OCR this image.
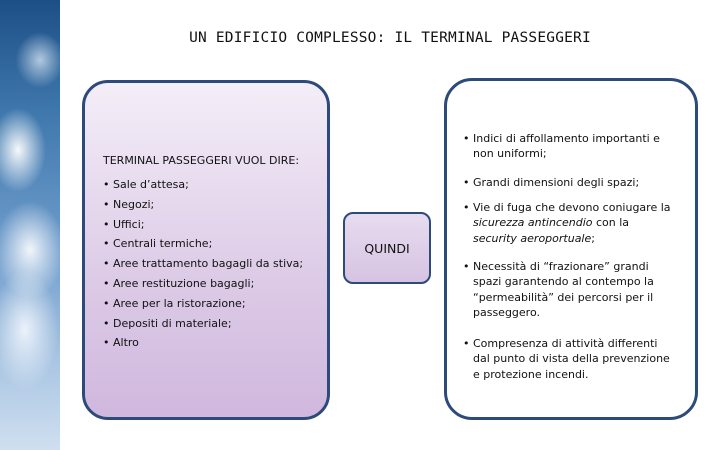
UN EDIFICIO COMPLESSO: IL TERMINAL PASSEGGERI
TERMINAL PASSEGGERI VUOL DIRE:
• Sale d’attesa;
• Negozi;
• Uffici;
• Centrali termiche;
• Aree trattamento bagagli da stiva;
• Aree restituzione bagagli;
• Aree per la ristorazione;
• Depositi di materiale;
• Altro
QUINDI
• Indici di affollamento importanti e
non uniformi;
• Grandi dimensioni degli spazi;
• Vie di fuga che devono coniugare la
sicurezza antincendio con la
security aeroportuale;
• Necessità di “frazionare” grandi
spazi garantendo al contempo la
“permeabilità” dei percorsi per il
passeggero.
• Compresenza di attività differenti
dal punto di vista della prevenzione
e protezione incendi.
